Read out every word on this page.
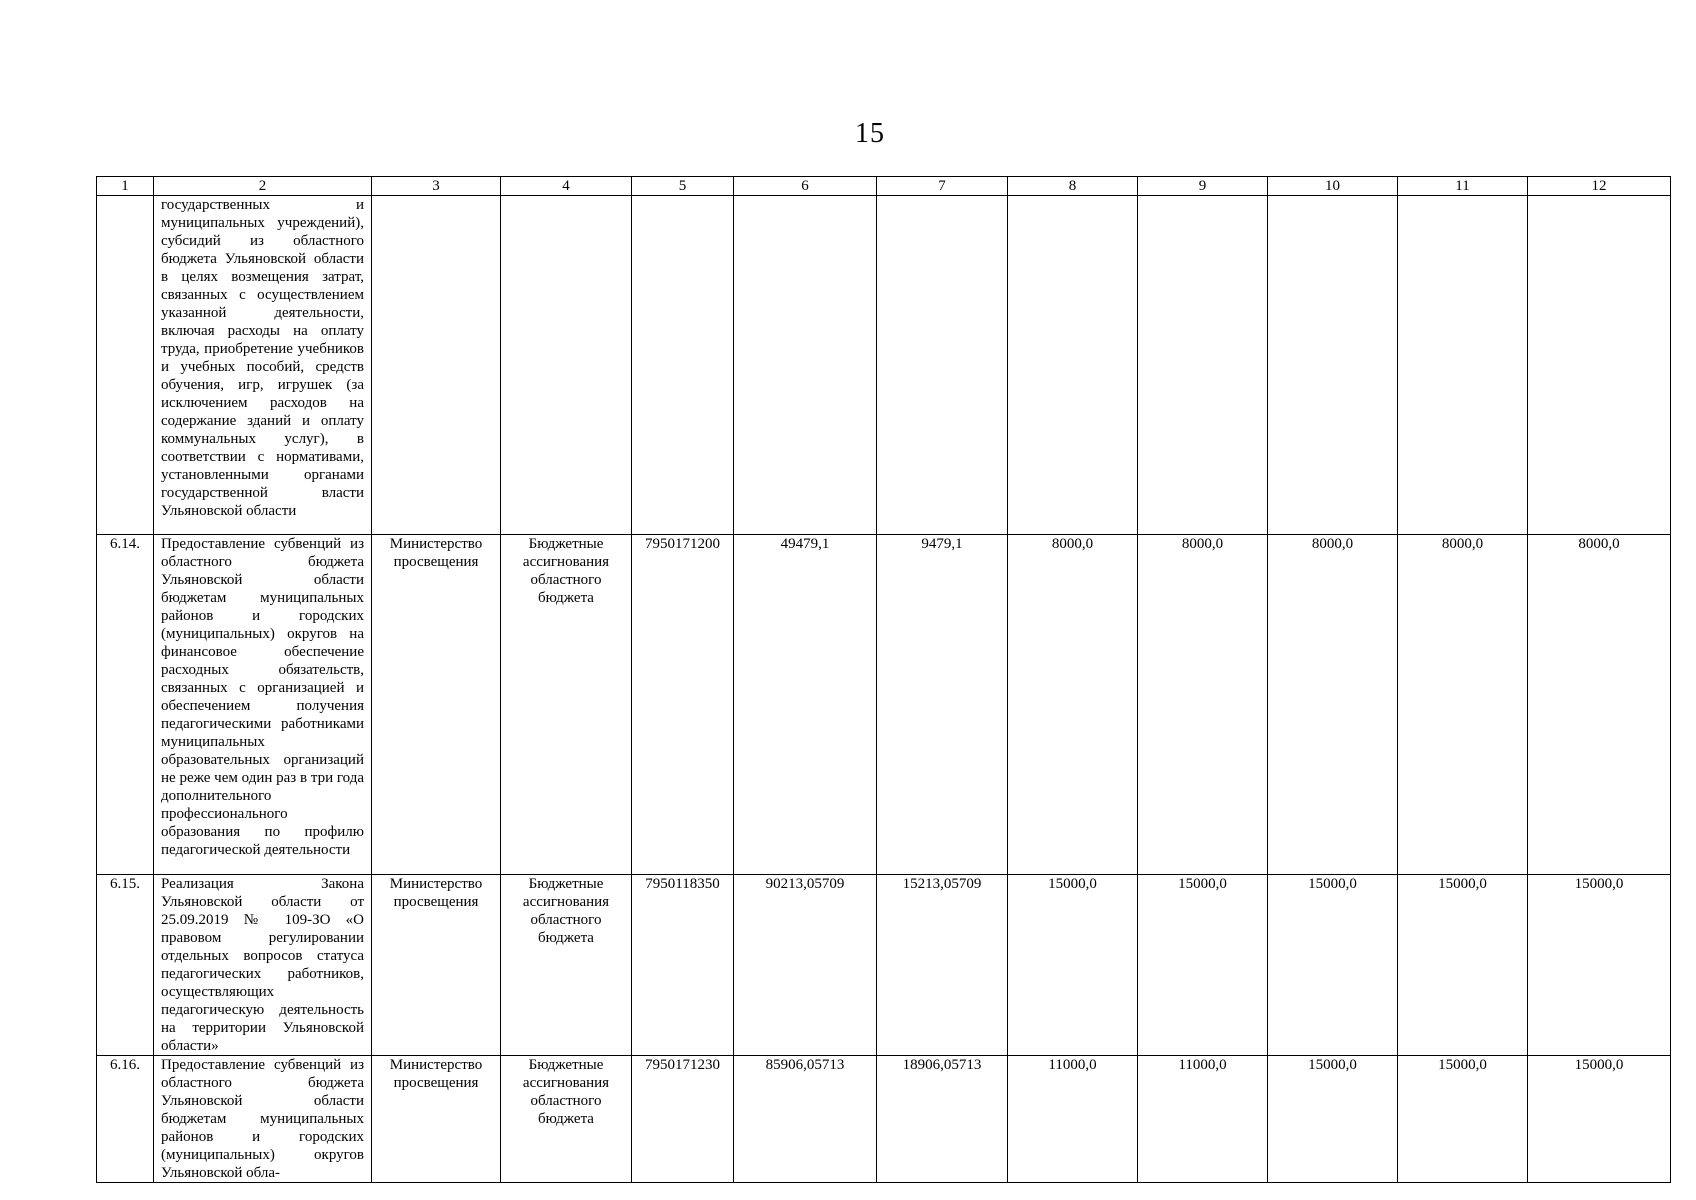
15
1	2	3	4	5	6	7	8	9	10	11	12
	государственных и муниципальных учреждений), субсидий из областного бюджета Ульяновской области в целях возмещения затрат, связанных с осуществлением указанной деятельности, включая расходы на оплату труда, приобретение учебников и учебных пособий, средств обучения, игр, игрушек (за исключением расходов на содержание зданий и оплату коммунальных услуг), в соответствии с нормативами, установленными органами государственной власти Ульяновской области										
6.14.	Предоставление субвенций из областного бюджета Ульяновской области бюджетам муниципальных районов и городских (муниципальных) округов на финансовое обеспечение расходных обязательств, связанных с организацией и обеспечением получения педагогическими работниками муниципальных образовательных организаций не реже чем один раз в три года дополнительного профессионального образования по профилю педагогической деятельности	Министерство просвещения	Бюджетные ассигнования областного бюджета	7950171200	49479,1	9479,1	8000,0	8000,0	8000,0	8000,0	8000,0
6.15.	Реализация Закона Ульяновской области от 25.09.2019 № 109-ЗО «О правовом регулировании отдельных вопросов статуса педагогических работников, осуществляющих педагогическую деятельность на территории Ульяновской области»	Министерство просвещения	Бюджетные ассигнования областного бюджета	7950118350	90213,05709	15213,05709	15000,0	15000,0	15000,0	15000,0	15000,0
6.16.	Предоставление субвенций из областного бюджета Ульяновской области бюджетам муниципальных районов и городских (муниципальных) округов Ульяновской обла-	Министерство просвещения	Бюджетные ассигнования областного бюджета	7950171230	85906,05713	18906,05713	11000,0	11000,0	15000,0	15000,0	15000,0
